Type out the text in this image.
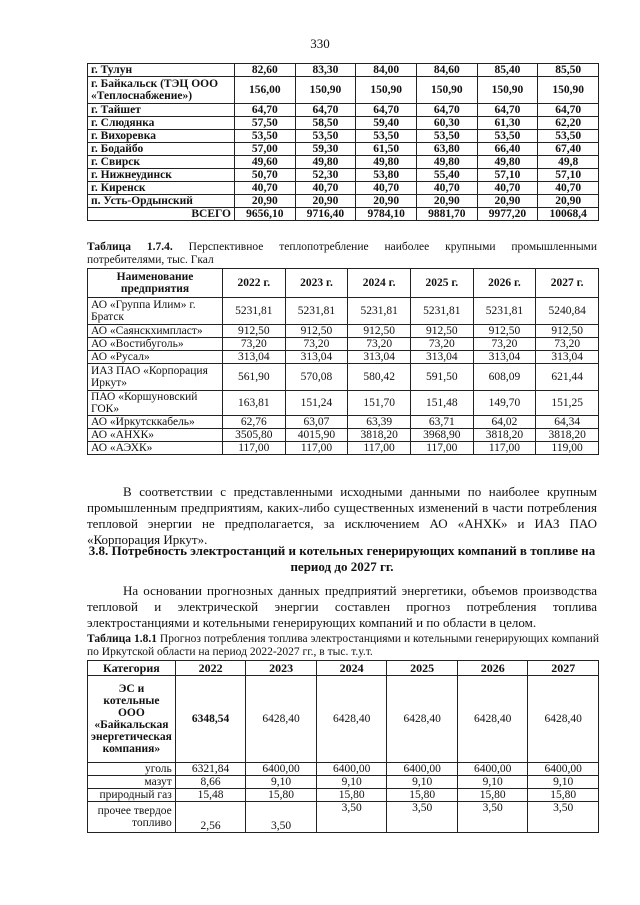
330
г. Тулун	82,60	83,30	84,00	84,60	85,40	85,50
г. Байкальск (ТЭЦ ООО «Теплоснабжение»)	156,00	150,90	150,90	150,90	150,90	150,90
г. Тайшет	64,70	64,70	64,70	64,70	64,70	64,70
г. Слюдянка	57,50	58,50	59,40	60,30	61,30	62,20
г. Вихоревка	53,50	53,50	53,50	53,50	53,50	53,50
г. Бодайбо	57,00	59,30	61,50	63,80	66,40	67,40
г. Свирск	49,60	49,80	49,80	49,80	49,80	49,8
г. Нижнеудинск	50,70	52,30	53,80	55,40	57,10	57,10
г. Киренск	40,70	40,70	40,70	40,70	40,70	40,70
п. Усть-Ордынский	20,90	20,90	20,90	20,90	20,90	20,90
ВСЕГО	9656,10	9716,40	9784,10	9881,70	9977,20	10068,4
Таблица 1.7.4. Перспективное теплопотребление наиболее крупными промышленными потребителями, тыс. Гкал
Наименование предприятия	2022 г.	2023 г.	2024 г.	2025 г.	2026 г.	2027 г.
АО «Группа Илим» г. Братск	5231,81	5231,81	5231,81	5231,81	5231,81	5240,84
АО «Саянскхимпласт»	912,50	912,50	912,50	912,50	912,50	912,50
АО «Востибуголь»	73,20	73,20	73,20	73,20	73,20	73,20
АО «Русал»	313,04	313,04	313,04	313,04	313,04	313,04
ИАЗ ПАО «Корпорация Иркут»	561,90	570,08	580,42	591,50	608,09	621,44
ПАО «Коршуновский ГОК»	163,81	151,24	151,70	151,48	149,70	151,25
АО «Иркутсккабель»	62,76	63,07	63,39	63,71	64,02	64,34
АО «АНХК»	3505,80	4015,90	3818,20	3968,90	3818,20	3818,20
АО «АЭХК»	117,00	117,00	117,00	117,00	117,00	119,00
В соответствии с представленными исходными данными по наиболее крупным промышленным предприятиям, каких-либо существенных изменений в части потребления тепловой энергии не предполагается, за исключением АО «АНХК» и ИАЗ ПАО «Корпорация Иркут».
3.8. Потребность электростанций и котельных генерирующих компаний в топливе на период до 2027 гг.
На основании прогнозных данных предприятий энергетики, объемов производства тепловой и электрической энергии составлен прогноз потребления топлива электростанциями и котельными генерирующих компаний и по области в целом.
Таблица 1.8.1 Прогноз потребления топлива электростанциями и котельными генерирующих компаний по Иркутской области на период 2022-2027 гг., в тыс. т.у.т.
Категория	2022	2023	2024	2025	2026	2027
ЭС и котельные ООО «Байкальская энергетическая компания»	6348,54	6428,40	6428,40	6428,40	6428,40	6428,40
уголь	6321,84	6400,00	6400,00	6400,00	6400,00	6400,00
мазут	8,66	9,10	9,10	9,10	9,10	9,10
природный газ	15,48	15,80	15,80	15,80	15,80	15,80
прочее твердое топливо	2,56	3,50	3,50	3,50	3,50	3,50
